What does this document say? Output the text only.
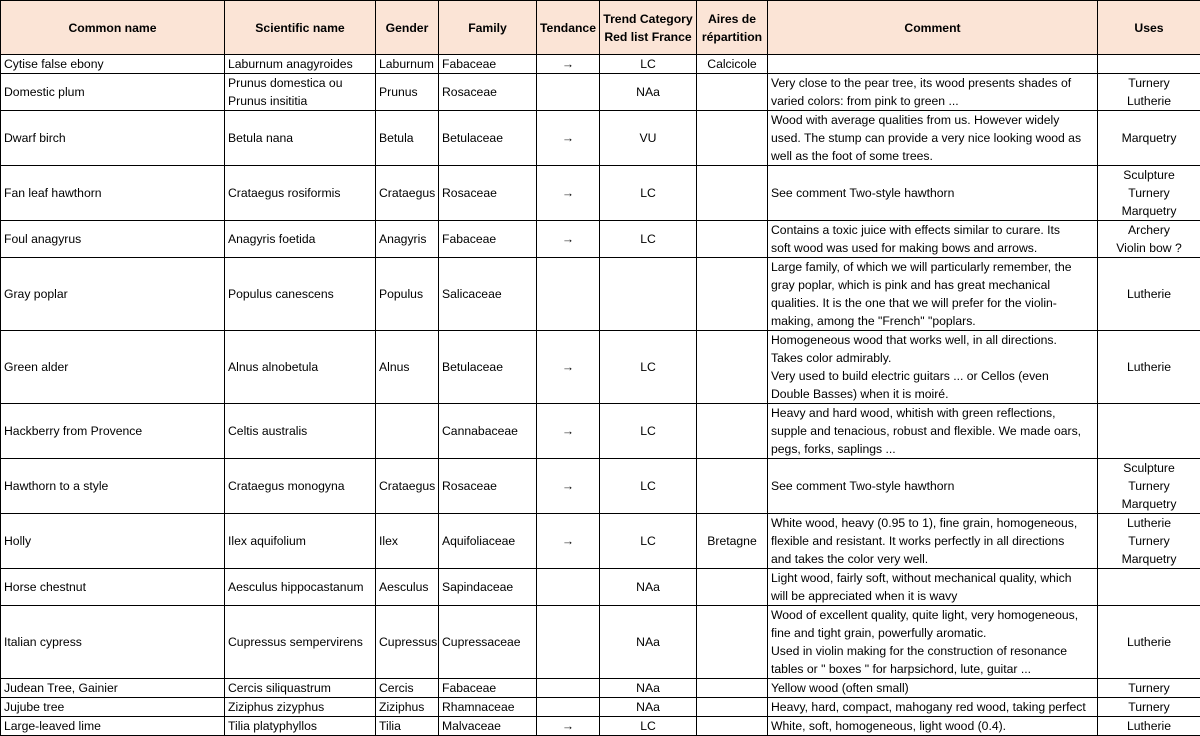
Common name	Scientific name	Gender	Family	Tendance	Trend Category Red list France	Aires de répartition	Comment	Uses
Cytise false ebony	Laburnum anagyroides	Laburnum	Fabaceae	→	LC	Calcicole		
Domestic plum	Prunus domestica ou Prunus insititia	Prunus	Rosaceae		NAa		Very close to the pear tree, its wood presents shades of
varied colors: from pink to green ...	Turnery
Lutherie

Dwarf birch	Betula nana	Betula	Betulaceae	→	VU		Wood with average qualities from us. However widely
used. The stump can provide a very nice looking wood as
well as the foot of some trees.	Marquetry

Fan leaf hawthorn	Crataegus rosiformis	Crataegus	Rosaceae	→	LC		See comment Two-style hawthorn	Sculpture
Turnery
Marquetry

Foul anagyrus	Anagyris foetida	Anagyris	Fabaceae	→	LC		Contains a toxic juice with effects similar to curare. Its
soft wood was used for making bows and arrows.	Archery
Violin bow ?

Gray poplar	Populus canescens	Populus	Salicaceae				Large family, of which we will particularly remember, the
gray poplar, which is pink and has great mechanical
qualities. It is the one that we will prefer for the violin-
making, among the "French" "poplars.	Lutherie

Green alder	Alnus alnobetula	Alnus	Betulaceae	→	LC		Homogeneous wood that works well, in all directions.
Takes color admirably.
Very used to build electric guitars ... or Cellos (even
Double Basses) when it is moiré.	Lutherie

Hackberry from Provence	Celtis australis		Cannabaceae	→	LC		Heavy and hard wood, whitish with green reflections,
supple and tenacious, robust and flexible. We made oars,
pegs, forks, saplings ...	

Hawthorn to a style	Crataegus monogyna	Crataegus	Rosaceae	→	LC		See comment Two-style hawthorn	Sculpture
Turnery
Marquetry

Holly	Ilex aquifolium	Ilex	Aquifoliaceae	→	LC	Bretagne	White wood, heavy (0.95 to 1), fine grain, homogeneous,
flexible and resistant. It works perfectly in all directions
and takes the color very well.	Lutherie
Turnery
Marquetry

Horse chestnut	Aesculus hippocastanum	Aesculus	Sapindaceae		NAa		Light wood, fairly soft, without mechanical quality, which
will be appreciated when it is wavy	

Italian cypress	Cupressus sempervirens	Cupressus	Cupressaceae		NAa		Wood of excellent quality, quite light, very homogeneous,
fine and tight grain, powerfully aromatic.
Used in violin making for the construction of resonance
tables or " boxes " for harpsichord, lute, guitar ...	Lutherie

Judean Tree, Gainier	Cercis siliquastrum	Cercis	Fabaceae		NAa		Yellow wood (often small)	Turnery

Jujube tree	Ziziphus zizyphus	Ziziphus	Rhamnaceae		NAa		Heavy, hard, compact, mahogany red wood, taking perfect	Turnery

Large-leaved lime	Tilia platyphyllos	Tilia	Malvaceae	→	LC		White, soft, homogeneous, light wood (0.4).	Lutherie
